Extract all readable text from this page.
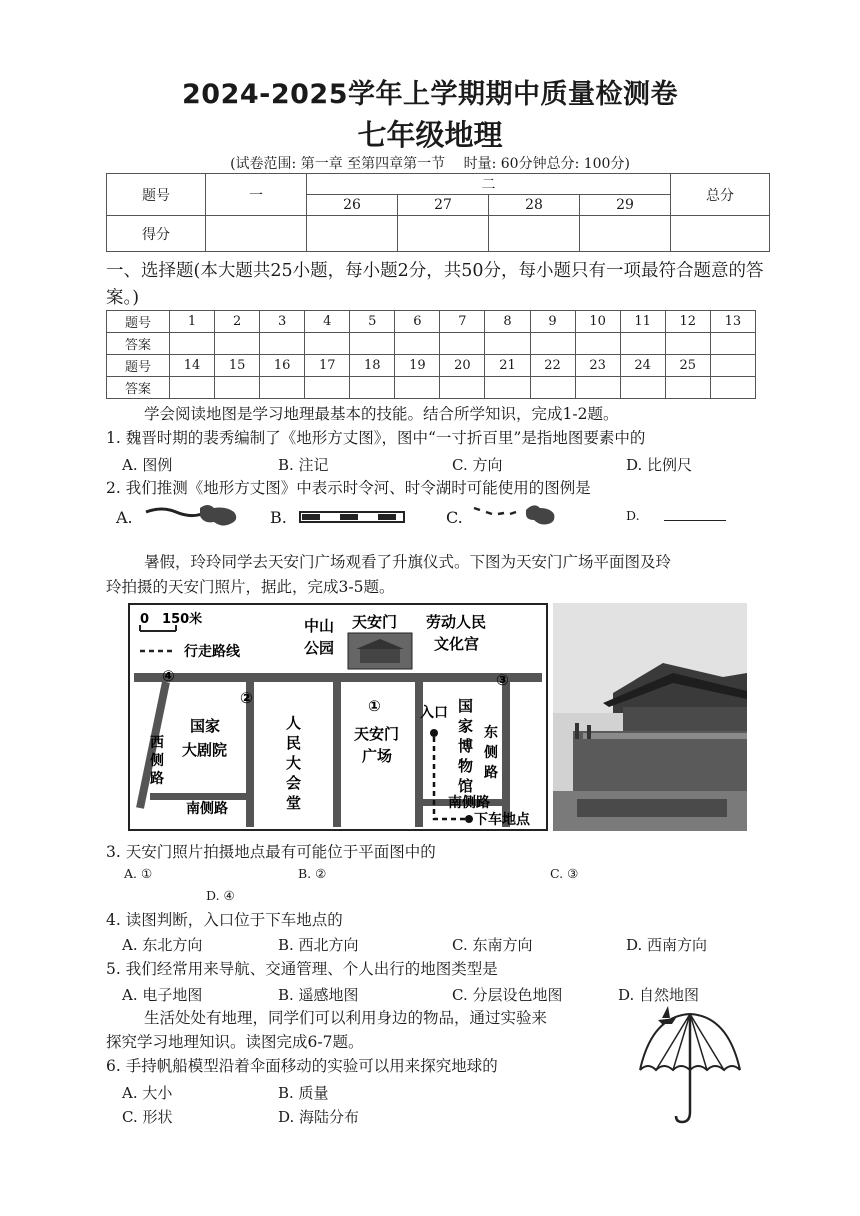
2024-2025学年上学期期中质量检测卷
七年级地理
(试卷范围: 第一章 至第四章第一节　 时量: 60分钟总分: 100分)
题号	一	二				总分
		26	27	28	29	
得分						
一、选择题(本大题共25小题，每小题2分，共50分，每小题只有一项最符合题意的答案。)
题号	1	2	3	4	5	6	7	8	9	10	11	12	13
答案													
题号	14	15	16	17	18	19	20	21	22	23	24	25	
答案													
学会阅读地图是学习地理最基本的技能。结合所学知识，完成1-2题。
1. 魏晋时期的裴秀编制了《地形方丈图》，图中“一寸折百里”是指地图要素中的
A. 图例	B. 注记	C. 方向	D. 比例尺
2. 我们推测《地形方丈图》中表示时令河、时令湖时可能使用的图例是
A.	B.	C.	D.
暑假，玲玲同学去天安门广场观看了升旗仪式。下图为天安门广场平面图及玲
玲拍摄的天安门照片，据此，完成3-5题。
0　150米
行走路线
中山
公园
天安门 劳动人民
文化宫
④
②	①
③
国家
大剧院
西
侧
路
南侧路
人
民
大
会
堂
天安门
广场
入口 国
家
博
物
馆
东
侧
路
南侧路
下车地点
3. 天安门照片拍摄地点最有可能位于平面图中的
A. ①	B. ②	C. ③
D. ④
4. 读图判断，入口位于下车地点的
A. 东北方向	B. 西北方向	C. 东南方向	D. 西南方向
5. 我们经常用来导航、交通管理、个人出行的地图类型是
A. 电子地图	B. 遥感地图	C. 分层设色地图	D. 自然地图
生活处处有地理，同学们可以利用身边的物品，通过实验来
探究学习地理知识。读图完成6-7题。
6. 手持帆船模型沿着伞面移动的实验可以用来探究地球的
A. 大小	B. 质量
C. 形状	D. 海陆分布
